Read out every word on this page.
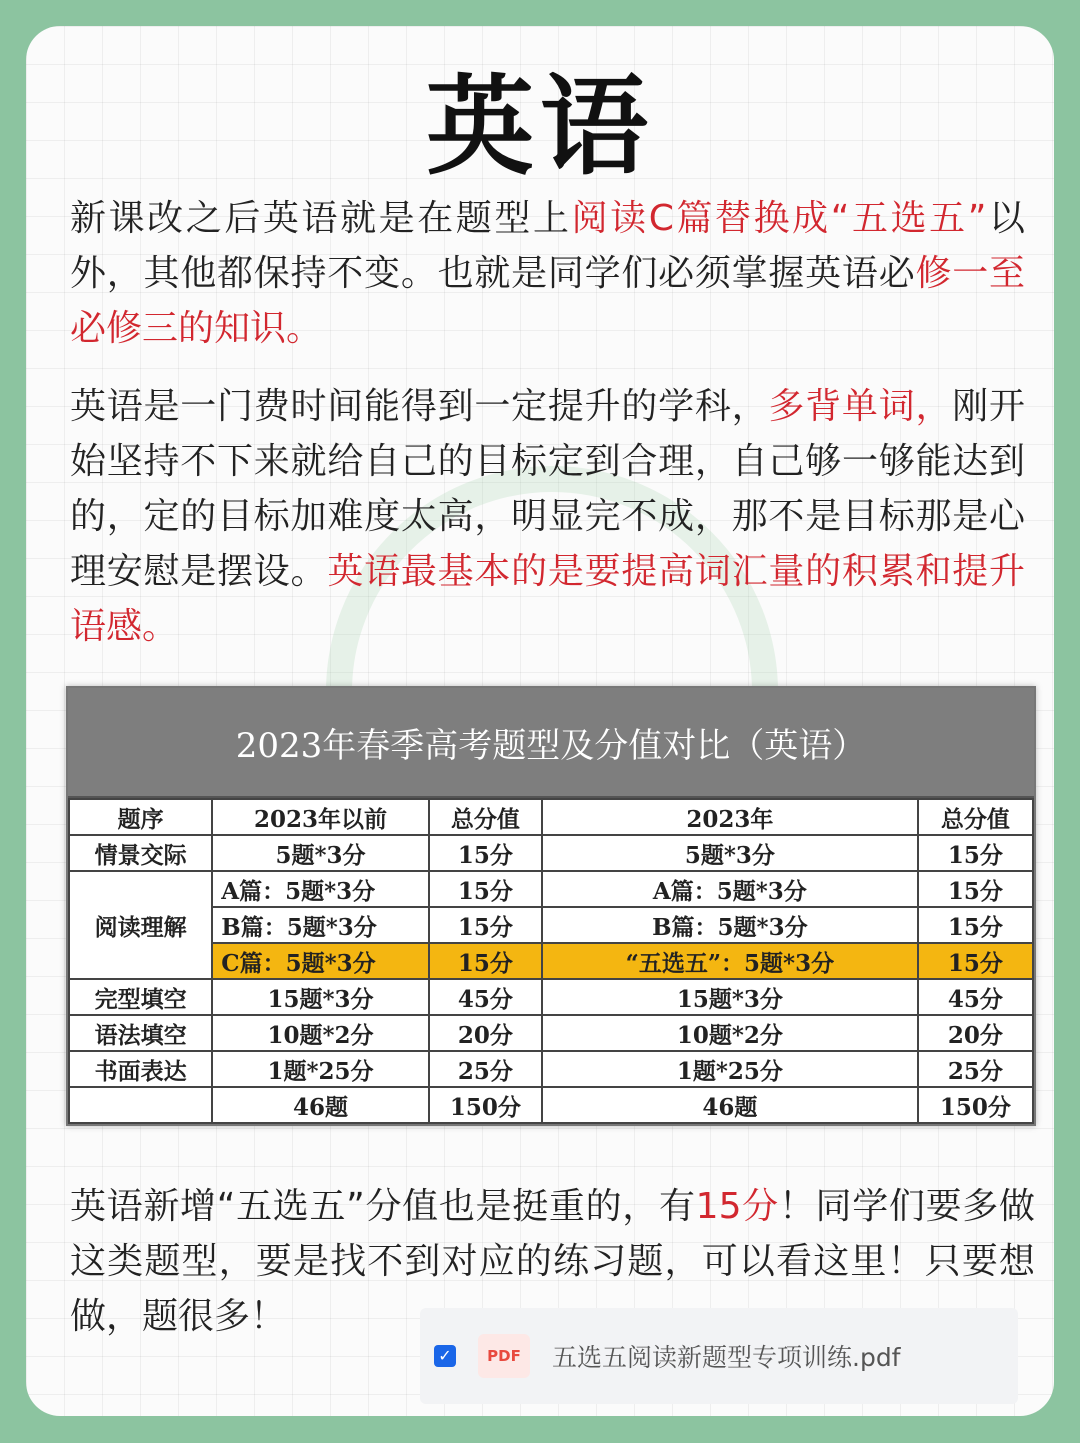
英语

新课改之后英语就是在题型上阅读C篇替换成“五选五”以外，其他都保持不变。也就是同学们必须掌握英语必修一至必修三的知识。

英语是一门费时间能得到一定提升的学科，多背单词，刚开始坚持不下来就给自己的目标定到合理，自己够一够能达到的，定的目标加难度太高，明显完不成，那不是目标那是心理安慰是摆设。英语最基本的是要提高词汇量的积累和提升语感。

2023年春季高考题型及分值对比（英语）
题序	2023年以前	总分值	2023年	总分值
情景交际	5题*3分	15分	5题*3分	15分
阅读理解	A篇：5题*3分	15分	A篇：5题*3分	15分
	B篇：5题*3分	15分	B篇：5题*3分	15分
	C篇：5题*3分	15分	“五选五”：5题*3分	15分
完型填空	15题*3分	45分	15题*3分	45分
语法填空	10题*2分	20分	10题*2分	20分
书面表达	1题*25分	25分	1题*25分	25分
	46题	150分	46题	150分

英语新增“五选五”分值也是挺重的，有15分！同学们要多做这类题型，要是找不到对应的练习题，可以看这里！只要想做，题很多！

✓	PDF	五选五阅读新题型专项训练.pdf
